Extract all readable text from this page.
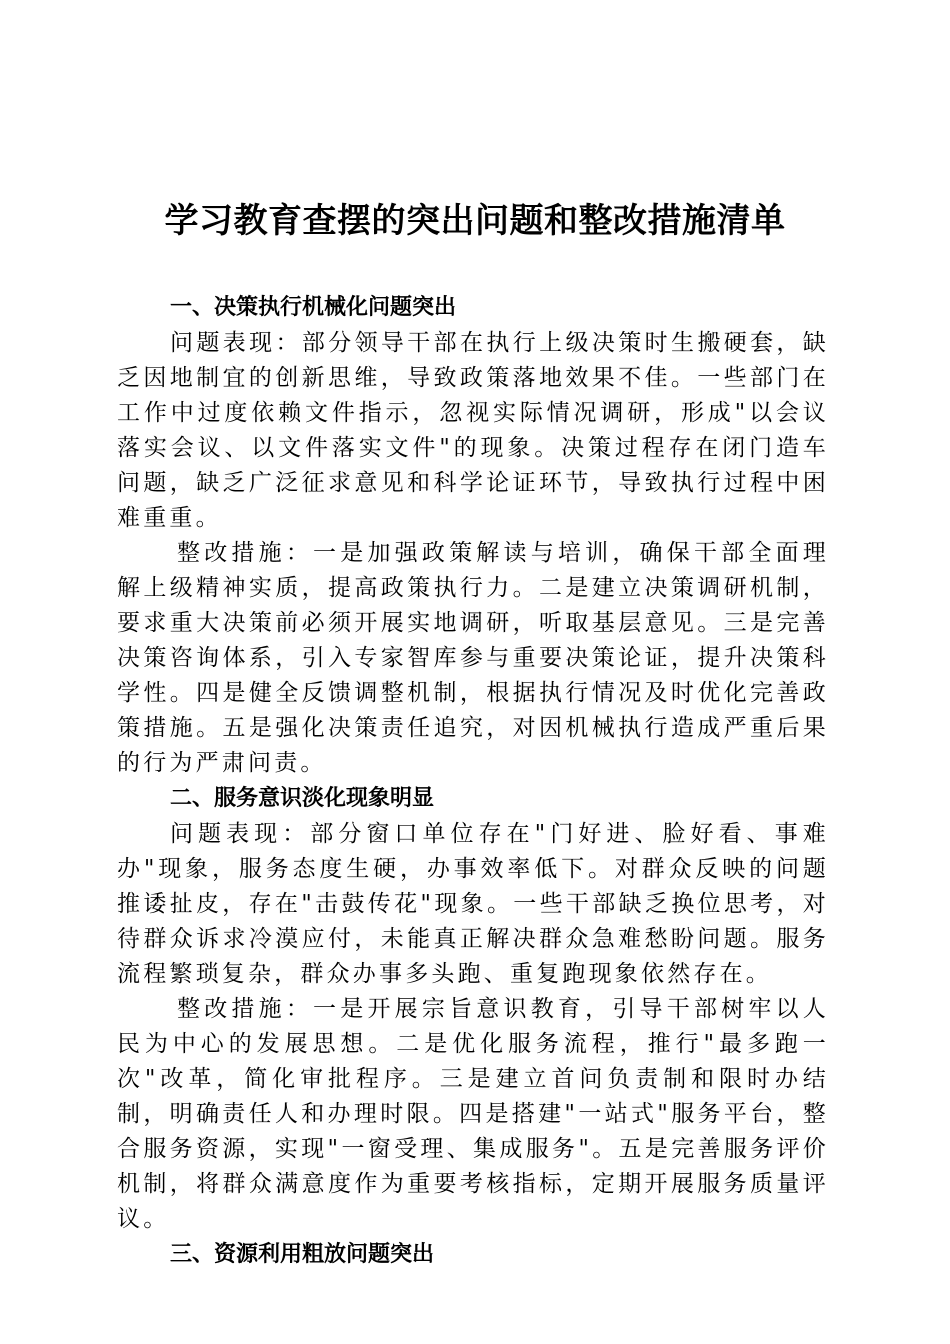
学习教育查摆的突出问题和整改措施清单

一、决策执行机械化问题突出

问题表现：部分领导干部在执行上级决策时生搬硬套，缺乏因地制宜的创新思维，导致政策落地效果不佳。一些部门在工作中过度依赖文件指示，忽视实际情况调研，形成"以会议落实会议、以文件落实文件"的现象。决策过程存在闭门造车问题，缺乏广泛征求意见和科学论证环节，导致执行过程中困难重重。

整改措施：一是加强政策解读与培训，确保干部全面理解上级精神实质，提高政策执行力。二是建立决策调研机制，要求重大决策前必须开展实地调研，听取基层意见。三是完善决策咨询体系，引入专家智库参与重要决策论证，提升决策科学性。四是健全反馈调整机制，根据执行情况及时优化完善政策措施。五是强化决策责任追究，对因机械执行造成严重后果的行为严肃问责。

二、服务意识淡化现象明显

问题表现：部分窗口单位存在"门好进、脸好看、事难办"现象，服务态度生硬，办事效率低下。对群众反映的问题推诿扯皮，存在"击鼓传花"现象。一些干部缺乏换位思考，对待群众诉求冷漠应付，未能真正解决群众急难愁盼问题。服务流程繁琐复杂，群众办事多头跑、重复跑现象依然存在。

整改措施：一是开展宗旨意识教育，引导干部树牢以人民为中心的发展思想。二是优化服务流程，推行"最多跑一次"改革，简化审批程序。三是建立首问负责制和限时办结制，明确责任人和办理时限。四是搭建"一站式"服务平台，整合服务资源，实现"一窗受理、集成服务"。五是完善服务评价机制，将群众满意度作为重要考核指标，定期开展服务质量评议。

三、资源利用粗放问题突出
